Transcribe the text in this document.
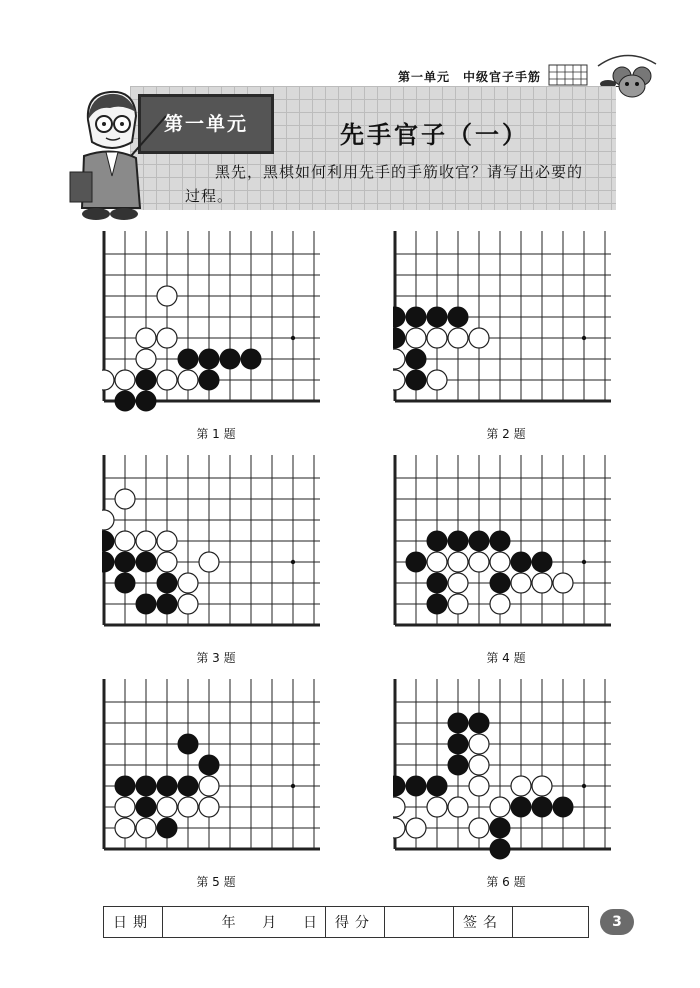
第一单元　中级官子手筋
第一单元	先手官子（一）
黑先，黑棋如何利用先手的手筋收官？请写出必要的过程。
第 1 题	第 2 题
第 3 题	第 4 题
第 5 题	第 6 题
日期	年 月 日	得分		签名		3
